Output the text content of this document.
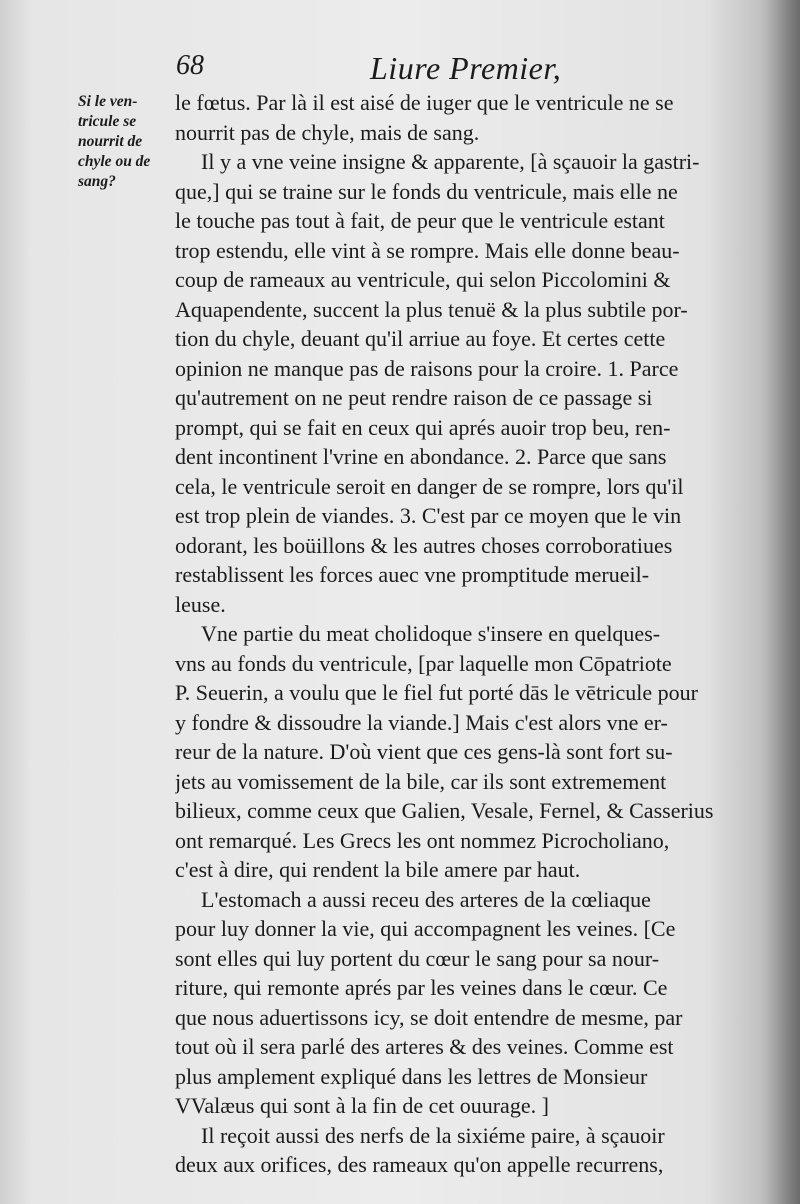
68	Liure Premier,
Si le ven-
tricule se
nourrit de
chyle ou de
sang?
le fœtus. Par là il est aisé de iuger que le ventricule ne se
nourrit pas de chyle, mais de sang.
Il y a vne veine insigne & apparente, [à sçauoir la gastri-
que,] qui se traine sur le fonds du ventricule, mais elle ne
le touche pas tout à fait, de peur que le ventricule estant
trop estendu, elle vint à se rompre. Mais elle donne beau-
coup de rameaux au ventricule, qui selon Piccolomini &
Aquapendente, succent la plus tenuë & la plus subtile por-
tion du chyle, deuant qu'il arriue au foye. Et certes cette
opinion ne manque pas de raisons pour la croire. 1. Parce
qu'autrement on ne peut rendre raison de ce passage si
prompt, qui se fait en ceux qui aprés auoir trop beu, ren-
dent incontinent l'vrine en abondance. 2. Parce que sans
cela, le ventricule seroit en danger de se rompre, lors qu'il
est trop plein de viandes. 3. C'est par ce moyen que le vin
odorant, les boüillons & les autres choses corroboratiues
restablissent les forces auec vne promptitude merueil-
leuse.
Vne partie du meat cholidoque s'insere en quelques-
vns au fonds du ventricule, [par laquelle mon Cōpatriote
P. Seuerin, a voulu que le fiel fut porté dās le vētricule pour
y fondre & dissoudre la viande.] Mais c'est alors vne er-
reur de la nature. D'où vient que ces gens-là sont fort su-
jets au vomissement de la bile, car ils sont extremement
bilieux, comme ceux que Galien, Vesale, Fernel, & Casserius
ont remarqué. Les Grecs les ont nommez Picrocholiano,
c'est à dire, qui rendent la bile amere par haut.
L'estomach a aussi receu des arteres de la cœliaque
pour luy donner la vie, qui accompagnent les veines. [Ce
sont elles qui luy portent du cœur le sang pour sa nour-
riture, qui remonte aprés par les veines dans le cœur. Ce
que nous aduertissons icy, se doit entendre de mesme, par
tout où il sera parlé des arteres & des veines. Comme est
plus amplement expliqué dans les lettres de Monsieur
VValæus qui sont à la fin de cet ouurage. ]
Il reçoit aussi des nerfs de la sixiéme paire, à sçauoir
deux aux orifices, des rameaux qu'on appelle recurrens,
